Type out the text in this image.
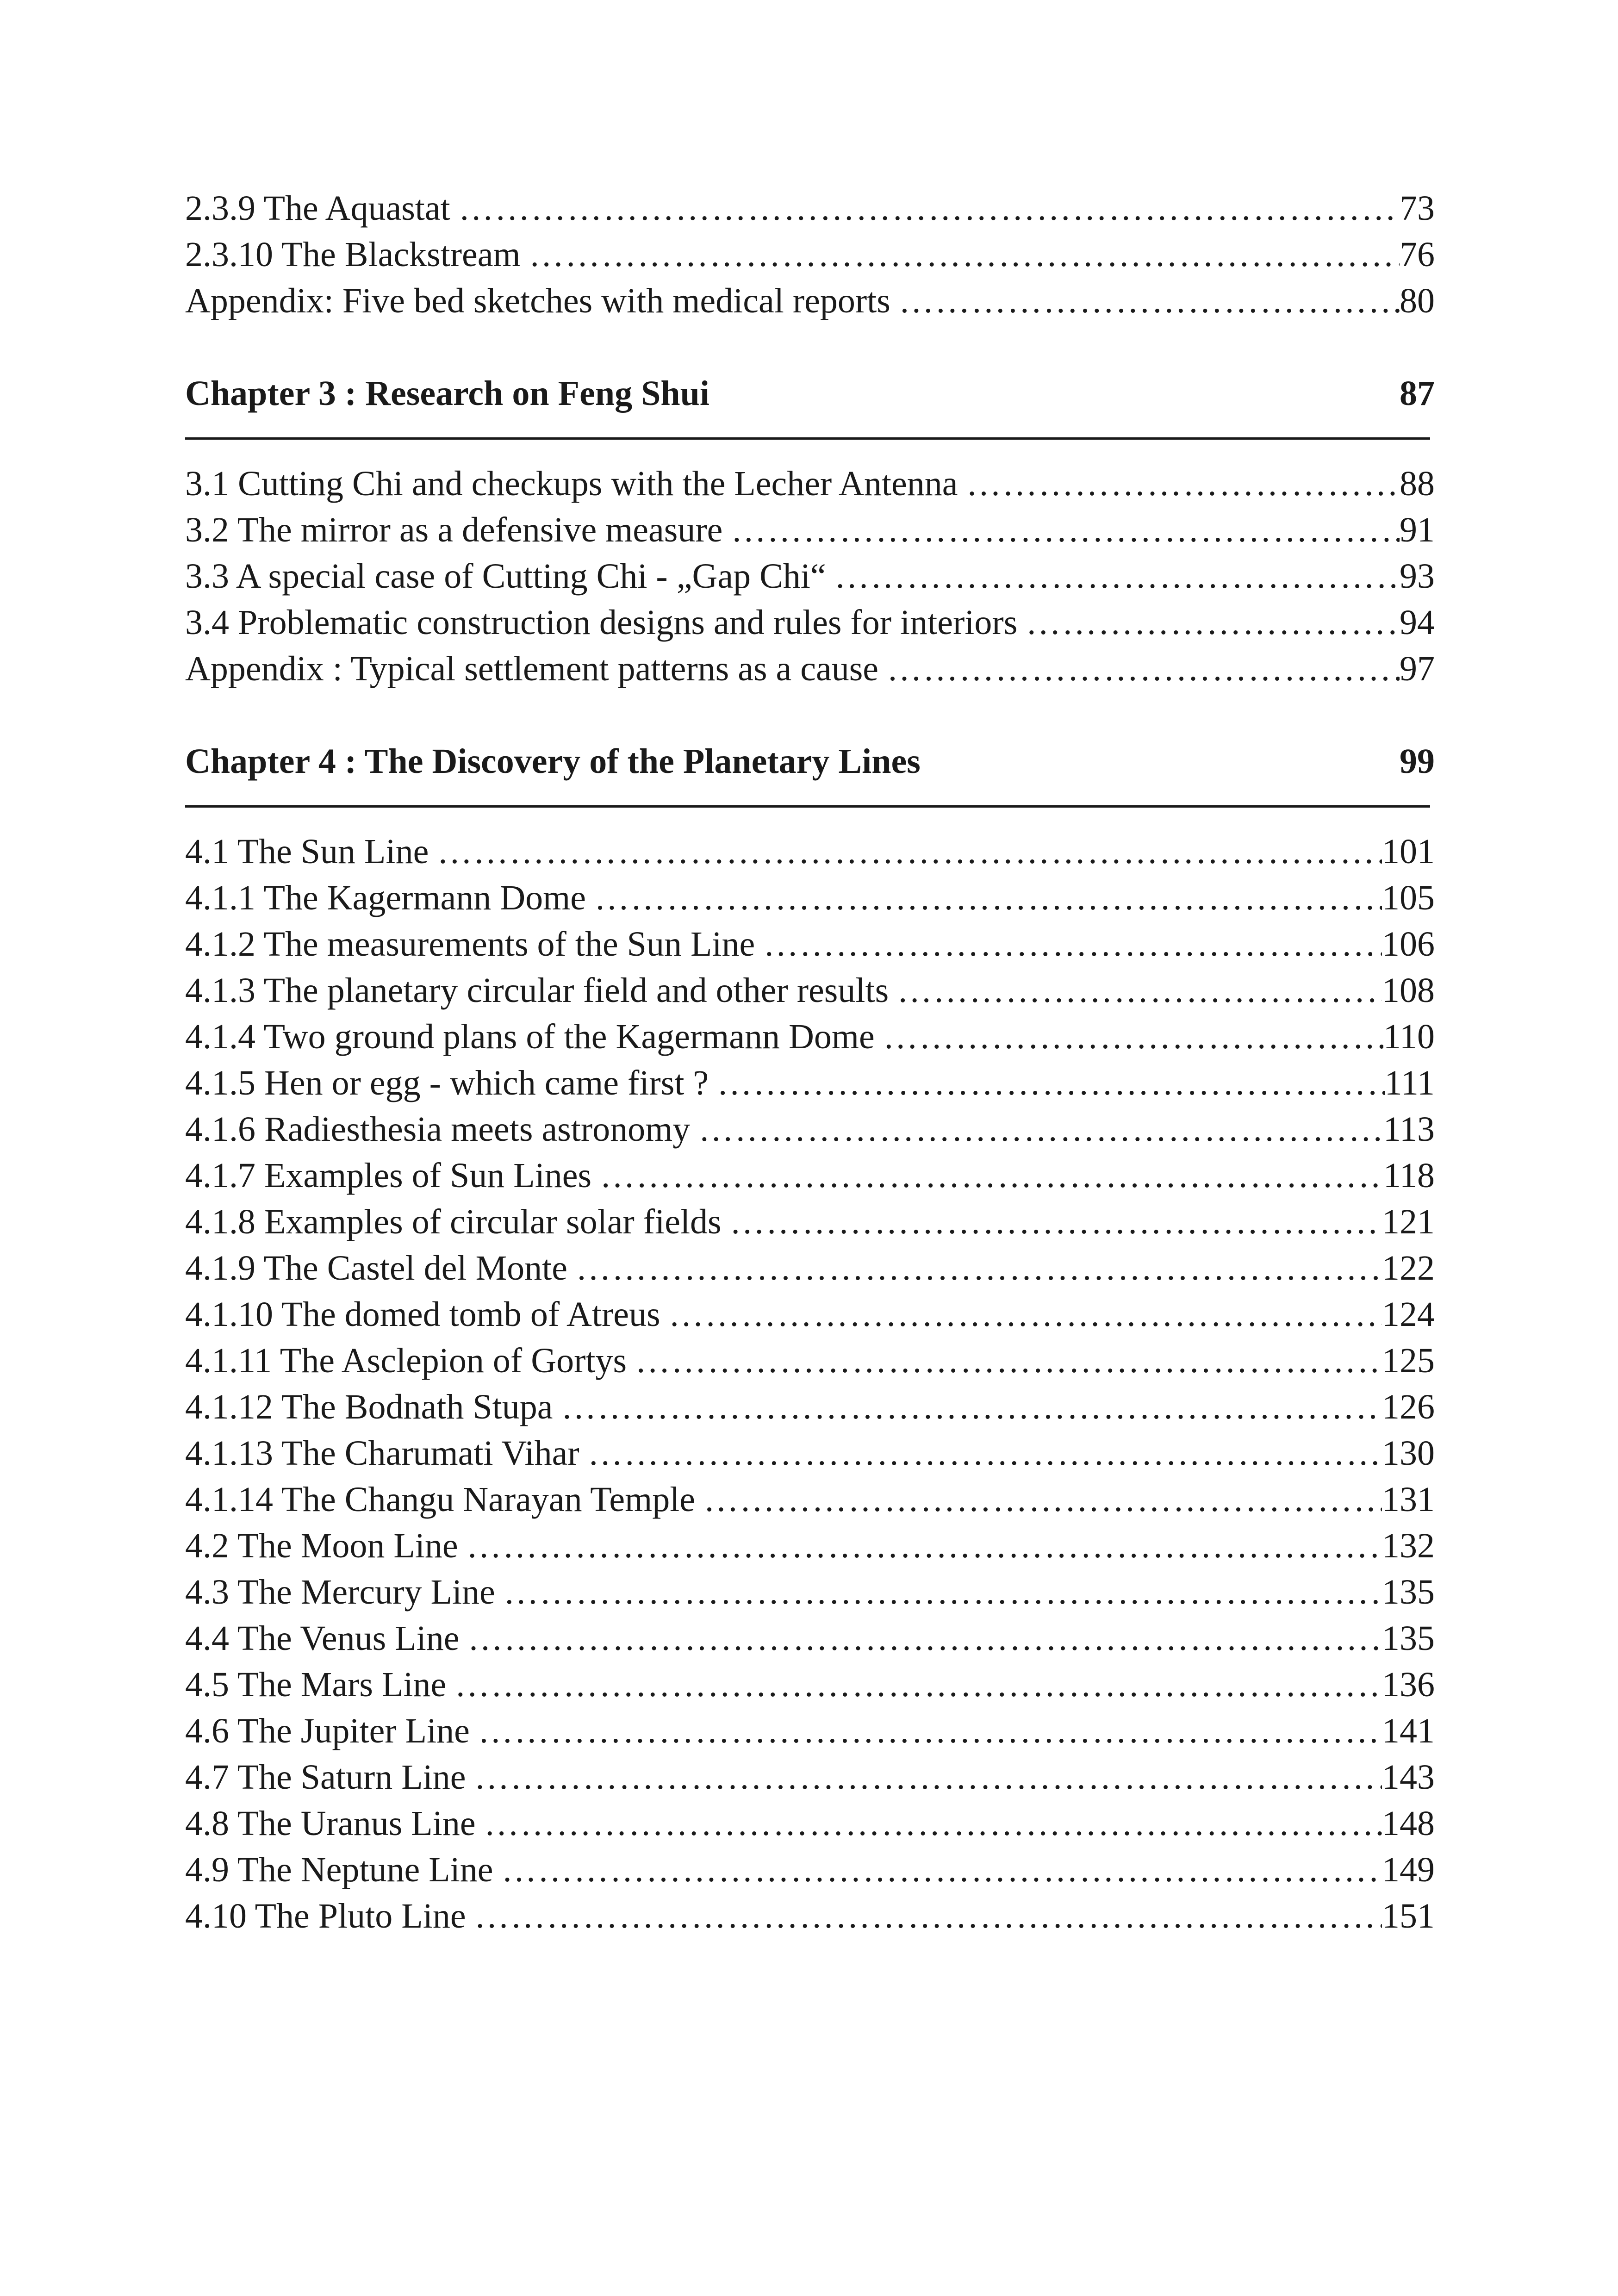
2.3.9 The Aquastat ……………………………………………………………………………………………………………………………………………………………………………………………………………………	73
2.3.10 The Blackstream ……………………………………………………………………………………………………………………………………………………………………………………………………………………	76
Appendix: Five bed sketches with medical reports ……………………………………………………………………………………………………………………………………………………………………………………………………………………	80
Chapter 3 : Research on Feng Shui	87
3.1 Cutting Chi and checkups with the Lecher Antenna ……………………………………………………………………………………………………………………………………………………………………………………………………………………	88
3.2 The mirror as a defensive measure ……………………………………………………………………………………………………………………………………………………………………………………………………………………	91
3.3 A special case of Cutting Chi - „Gap Chi“ ……………………………………………………………………………………………………………………………………………………………………………………………………………………	93
3.4 Problematic construction designs and rules for interiors ……………………………………………………………………………………………………………………………………………………………………………………………………………………	94
Appendix : Typical settlement patterns as a cause ……………………………………………………………………………………………………………………………………………………………………………………………………………………	97
Chapter 4 : The Discovery of the Planetary Lines	99
4.1 The Sun Line ……………………………………………………………………………………………………………………………………………………………………………………………………………………	101
4.1.1 The Kagermann Dome ……………………………………………………………………………………………………………………………………………………………………………………………………………………	105
4.1.2 The measurements of the Sun Line ……………………………………………………………………………………………………………………………………………………………………………………………………………………	106
4.1.3 The planetary circular field and other results ……………………………………………………………………………………………………………………………………………………………………………………………………………………	108
4.1.4 Two ground plans of the Kagermann Dome ……………………………………………………………………………………………………………………………………………………………………………………………………………………	110
4.1.5 Hen or egg - which came first ? ……………………………………………………………………………………………………………………………………………………………………………………………………………………	111
4.1.6 Radiesthesia meets astronomy ……………………………………………………………………………………………………………………………………………………………………………………………………………………	113
4.1.7 Examples of Sun Lines ……………………………………………………………………………………………………………………………………………………………………………………………………………………	118
4.1.8 Examples of circular solar fields ……………………………………………………………………………………………………………………………………………………………………………………………………………………	121
4.1.9 The Castel del Monte ……………………………………………………………………………………………………………………………………………………………………………………………………………………	122
4.1.10 The domed tomb of Atreus ……………………………………………………………………………………………………………………………………………………………………………………………………………………	124
4.1.11 The Asclepion of Gortys ……………………………………………………………………………………………………………………………………………………………………………………………………………………	125
4.1.12 The Bodnath Stupa ……………………………………………………………………………………………………………………………………………………………………………………………………………………	126
4.1.13 The Charumati Vihar ……………………………………………………………………………………………………………………………………………………………………………………………………………………	130
4.1.14 The Changu Narayan Temple ……………………………………………………………………………………………………………………………………………………………………………………………………………………	131
4.2 The Moon Line ……………………………………………………………………………………………………………………………………………………………………………………………………………………	132
4.3 The Mercury Line ……………………………………………………………………………………………………………………………………………………………………………………………………………………	135
4.4 The Venus Line ……………………………………………………………………………………………………………………………………………………………………………………………………………………	135
4.5 The Mars Line ……………………………………………………………………………………………………………………………………………………………………………………………………………………	136
4.6 The Jupiter Line ……………………………………………………………………………………………………………………………………………………………………………………………………………………	141
4.7 The Saturn Line ……………………………………………………………………………………………………………………………………………………………………………………………………………………	143
4.8 The Uranus Line ……………………………………………………………………………………………………………………………………………………………………………………………………………………	148
4.9 The Neptune Line ……………………………………………………………………………………………………………………………………………………………………………………………………………………	149
4.10 The Pluto Line ……………………………………………………………………………………………………………………………………………………………………………………………………………………	151
